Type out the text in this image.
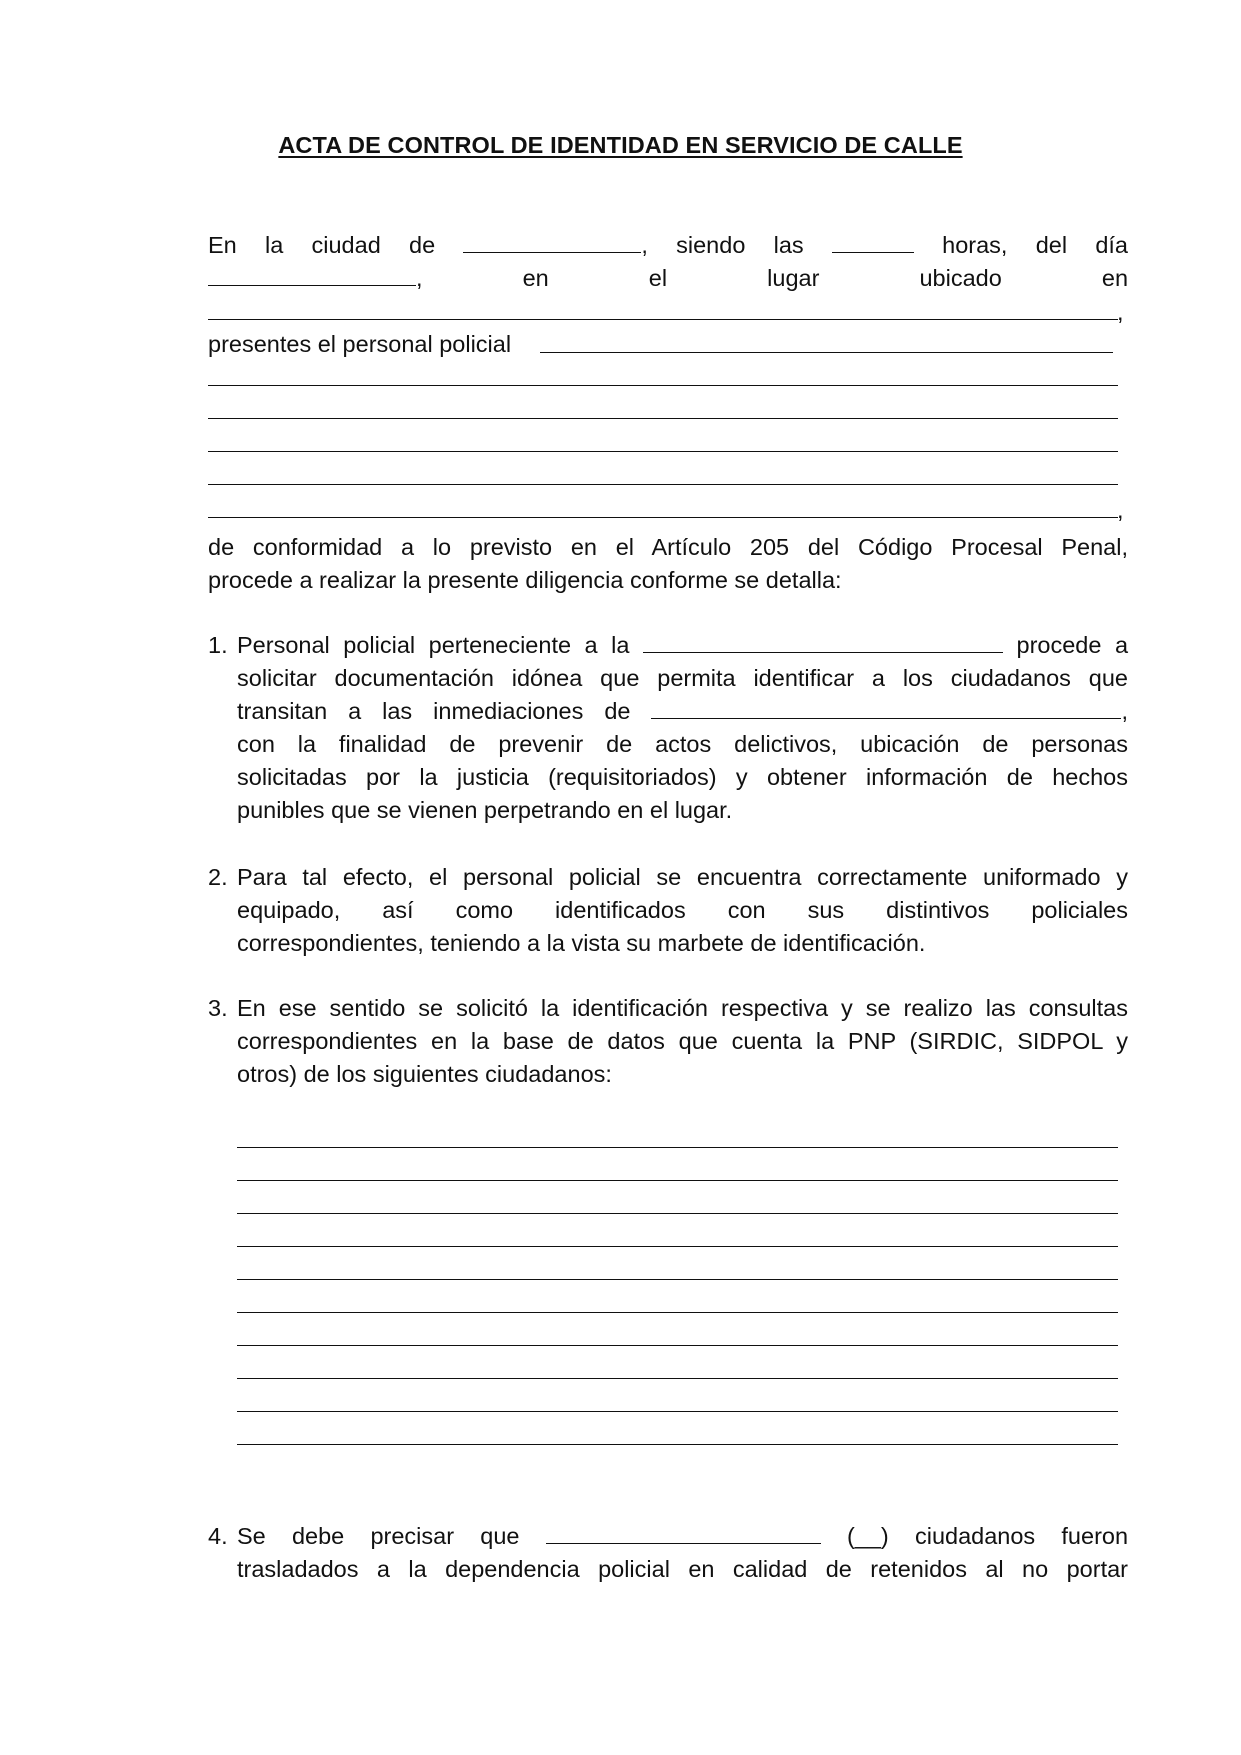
ACTA DE CONTROL DE IDENTIDAD EN SERVICIO DE CALLE
En la ciudad de	, siendo las	horas, del día
,	en	el	lugar	ubicado	en
,
presentes el personal policial
,
de conformidad a lo previsto en el Artículo 205 del Código Procesal Penal,
procede a realizar la presente diligencia conforme se detalla:
1. Personal policial perteneciente a la	procede a
solicitar documentación idónea que permita identificar a los ciudadanos que
transitan a las inmediaciones de	,
con la finalidad de prevenir de actos delictivos, ubicación de personas
solicitadas por la justicia (requisitoriados) y obtener información de hechos
punibles que se vienen perpetrando en el lugar.
2. Para tal efecto, el personal policial se encuentra correctamente uniformado y
equipado, así como identificados con sus distintivos policiales
correspondientes, teniendo a la vista su marbete de identificación.
3. En ese sentido se solicitó la identificación respectiva y se realizo las consultas
correspondientes en la base de datos que cuenta la PNP (SIRDIC, SIDPOL y
otros) de los siguientes ciudadanos:
4. Se debe precisar que	(__) ciudadanos fueron
trasladados a la dependencia policial en calidad de retenidos al no portar
